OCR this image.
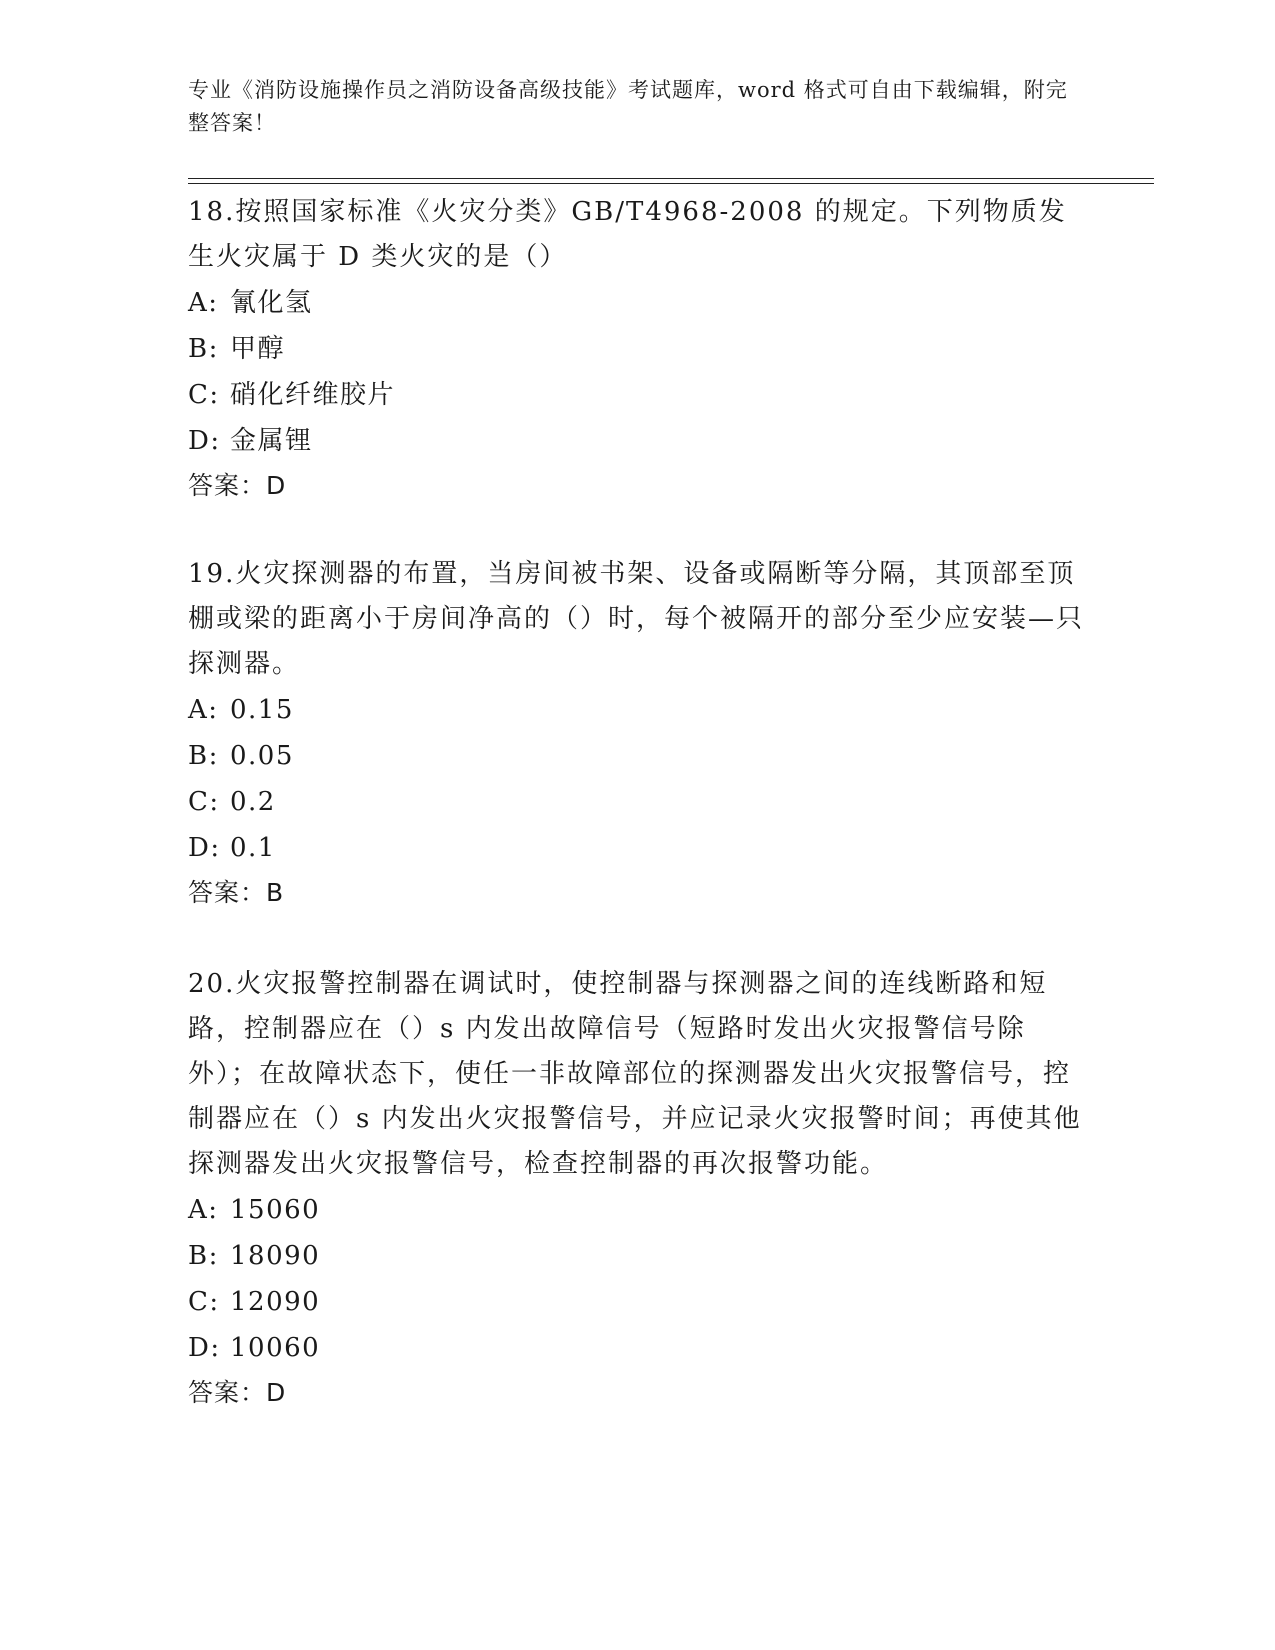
专业《消防设施操作员之消防设备高级技能》考试题库，word 格式可自由下载编辑，附完整答案！
18.按照国家标准《火灾分类》GB/T4968-2008 的规定。下列物质发生火灾属于 D 类火灾的是（）
A: 氰化氢
B: 甲醇
C: 硝化纤维胶片
D: 金属锂
答案：D
19.火灾探测器的布置，当房间被书架、设备或隔断等分隔，其顶部至顶棚或梁的距离小于房间净高的（）时，每个被隔开的部分至少应安装—只探测器。
A: 0.15
B: 0.05
C: 0.2
D: 0.1
答案：B
20.火灾报警控制器在调试时，使控制器与探测器之间的连线断路和短路，控制器应在（）s 内发出故障信号（短路时发出火灾报警信号除外）；在故障状态下，使任一非故障部位的探测器发出火灾报警信号，控制器应在（）s 内发出火灾报警信号，并应记录火灾报警时间；再使其他探测器发出火灾报警信号，检查控制器的再次报警功能。
A: 15060
B: 18090
C: 12090
D: 10060
答案：D
